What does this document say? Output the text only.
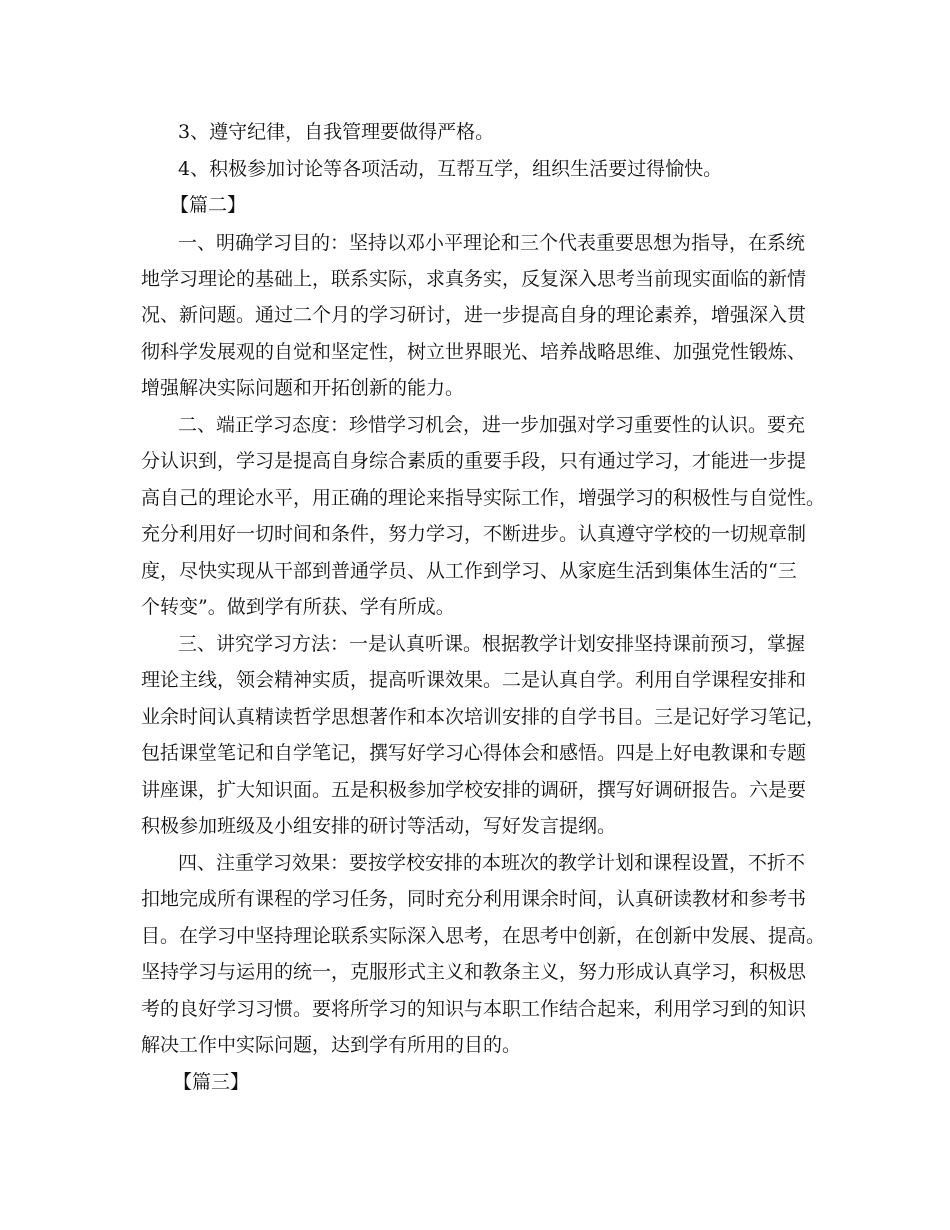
3、遵守纪律，自我管理要做得严格。
4、积极参加讨论等各项活动，互帮互学，组织生活要过得愉快。
【篇二】
一、明确学习目的：坚持以邓小平理论和三个代表重要思想为指导，在系统
地学习理论的基础上，联系实际，求真务实，反复深入思考当前现实面临的新情
况、新问题。通过二个月的学习研讨，进一步提高自身的理论素养，增强深入贯
彻科学发展观的自觉和坚定性，树立世界眼光、培养战略思维、加强党性锻炼、
增强解决实际问题和开拓创新的能力。
二、端正学习态度：珍惜学习机会，进一步加强对学习重要性的认识。要充
分认识到，学习是提高自身综合素质的重要手段，只有通过学习，才能进一步提
高自己的理论水平，用正确的理论来指导实际工作，增强学习的积极性与自觉性。
充分利用好一切时间和条件，努力学习，不断进步。认真遵守学校的一切规章制
度，尽快实现从干部到普通学员、从工作到学习、从家庭生活到集体生活的“三
个转变”。做到学有所获、学有所成。
三、讲究学习方法：一是认真听课。根据教学计划安排坚持课前预习，掌握
理论主线，领会精神实质，提高听课效果。二是认真自学。利用自学课程安排和
业余时间认真精读哲学思想著作和本次培训安排的自学书目。三是记好学习笔记，
包括课堂笔记和自学笔记，撰写好学习心得体会和感悟。四是上好电教课和专题
讲座课，扩大知识面。五是积极参加学校安排的调研，撰写好调研报告。六是要
积极参加班级及小组安排的研讨等活动，写好发言提纲。
四、注重学习效果：要按学校安排的本班次的教学计划和课程设置，不折不
扣地完成所有课程的学习任务，同时充分利用课余时间，认真研读教材和参考书
目。在学习中坚持理论联系实际深入思考，在思考中创新，在创新中发展、提高。
坚持学习与运用的统一，克服形式主义和教条主义，努力形成认真学习，积极思
考的良好学习习惯。要将所学习的知识与本职工作结合起来，利用学习到的知识
解决工作中实际问题，达到学有所用的目的。
【篇三】
